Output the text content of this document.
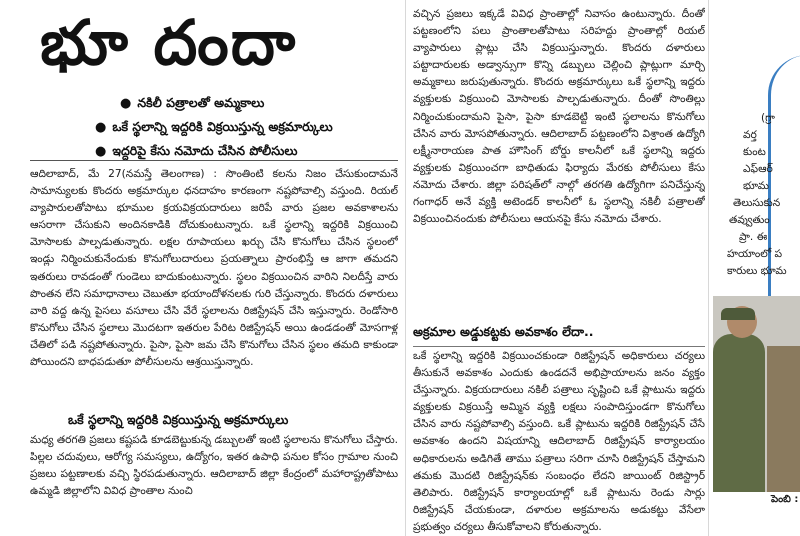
భూ దందా
● నకిలీ పత్రాలతో అమ్మకాలు
● ఒకే స్థలాన్ని ఇద్దరికి విక్రయిస్తున్న అక్రమార్కులు
● ఇద్దరిపై కేసు నమోదు చేసిన పోలీసులు
ఆదిలాబాద్, మే 27(నమస్తే తెలంగాణ) : సొంతింటి కలను నిజం చేసుకుందామనే సామాన్యులకు కొందరు అక్రమార్కుల ధనదాహం కారణంగా నష్టపోవాల్సి వస్తుంది. రియల్ వ్యాపారులతోపాటు భూముల క్రయవిక్రయదారులు జరిపే వారు ప్రజల అవకాశాలను ఆసరాగా చేసుకుని అందినకాడికి దోచుకుంటున్నారు. ఒకే స్థలాన్ని ఇద్దరికి విక్రయించి మోసాలకు పాల్పడుతున్నారు. లక్షల రూపాయలు ఖర్చు చేసి కొనుగోలు చేసిన స్థలంలో ఇండ్లు నిర్మించుకునేందుకు కొనుగోలుదారులు ప్రయత్నాలు ప్రారంభిస్తే ఆ జాగా తమదని ఇతరులు రావడంతో గుండెలు బాదుకుంటున్నారు. స్థలం విక్రయించిన వారిని నిలదీస్తే వారు పొంతన లేని సమాధానాలు చెబుతూ భయాందోళనలకు గురి చేస్తున్నారు. కొందరు దళారులు వారి వద్ద ఉన్న పైసలు వసూలు చేసి వేరే స్థలాలను రిజిస్ట్రేషన్ చేసి ఇస్తున్నారు. రెండోసారి కొనుగోలు చేసిన స్థలాలు మొదటగా ఇతరుల పేరిట రిజిస్ట్రేషన్ అయి ఉండడంతో మోసగాళ్ల చేతిలో పడి నష్టపోతున్నారు. పైసా, పైసా జమ చేసి కొనుగోలు చేసిన స్థలం తమది కాకుండా పోయిందని బాధపడుతూ పోలీసులను ఆశ్రయిస్తున్నారు.
ఒకే స్థలాన్ని ఇద్దరికి విక్రయిస్తున్న అక్రమార్కులు
మధ్య తరగతి ప్రజలు కష్టపడి కూడబెట్టుకున్న డబ్బులతో ఇంటి స్థలాలను కొనుగోలు చేస్తారు. పిల్లల చదువులు, ఆరోగ్య సమస్యలు, ఉద్యోగం, ఇతర ఉపాధి పనుల కోసం గ్రామాల నుంచి ప్రజలు పట్టణాలకు వచ్చి స్థిరపడుతున్నారు. ఆదిలాబాద్ జిల్లా కేంద్రంలో మహారాష్ట్రతోపాటు ఉమ్మడి జిల్లాలోని వివిధ ప్రాంతాల నుంచి
వచ్చిన ప్రజలు ఇక్కడే వివిధ ప్రాంతాల్లో నివాసం ఉంటున్నారు. దీంతో పట్టణంలోని పలు ప్రాంతాలతోపాటు సరిహద్దు ప్రాంతాల్లో రియల్ వ్యాపారులు ప్లాట్లు చేసి విక్రయిస్తున్నారు. కొందరు దళారులు పట్టాదారులకు అడ్వాన్సుగా కొన్ని డబ్బులు చెల్లించి ప్లాట్లుగా మార్చి అమ్మకాలు జరుపుతున్నారు. కొందరు అక్రమార్కులు ఒకే స్థలాన్ని ఇద్దరు వ్యక్తులకు విక్రయించి మోసాలకు పాల్పడుతున్నారు. దీంతో సొంతిల్లు నిర్మించుకుందామని పైసా, పైసా కూడబెట్టి ఇంటి స్థలాలను కొనుగోలు చేసిన వారు మోసపోతున్నారు. ఆదిలాబాద్ పట్టణంలోని విశ్రాంత ఉద్యోగి లక్ష్మీనారాయణ పాత హౌసింగ్ బోర్డు కాలనీలో ఒకే స్థలాన్ని ఇద్దరు వ్యక్తులకు విక్రయించగా బాధితుడు ఫిర్యాదు మేరకు పోలీసులు కేసు నమోదు చేశారు. జిల్లా పరిషత్‌లో నాల్గో తరగతి ఉద్యోగిగా పనిచేస్తున్న గంగాధర్ అనే వ్యక్తి అటెండర్ కాలనీలో ఓ స్థలాన్ని నకిలీ పత్రాలతో విక్రయించినందుకు పోలీసులు ఆయనపై కేసు నమోదు చేశారు.
అక్రమాల అడ్డుకట్టకు అవకాశం లేదా..
ఒకే స్థలాన్ని ఇద్దరికి విక్రయించకుండా రిజిస్ట్రేషన్ అధికారులు చర్యలు తీసుకునే అవకాశం ఎందుకు ఉండదనే అభిప్రాయాలను జనం వ్యక్తం చేస్తున్నారు. విక్రయదారులు నకిలీ పత్రాలు సృష్టించి ఒకే ప్లాటును ఇద్దరు వ్యక్తులకు విక్రయిస్తే అమ్మిన వ్యక్తి లక్షలు సంపాదిస్తుండగా కొనుగోలు చేసిన వారు నష్టపోవాల్సి వస్తుంది. ఒకే ప్లాటును ఇద్దరికి రిజిస్ట్రేషన్ చేసే అవకాశం ఉందని విషయాన్ని ఆదిలాబాద్ రిజిస్ట్రేషన్ కార్యాలయం అధికారులను అడిగితే తాము పత్రాలు సరిగా చూసి రిజిస్ట్రేషన్ చేస్తామని తమకు మొదటి రిజిస్ట్రేషన్‌కు సంబంధం లేదని జాయింట్ రిజిస్ట్రార్ తెలిపారు. రిజిస్ట్రేషన్ కార్యాలయాల్లో ఒకే ప్లాటును రెండు సార్లు రిజిస్ట్రేషన్ చేయకుండా, దళారుల అక్రమాలను అడుకట్టు వేసేలా ప్రభుత్వం చర్యలు తీసుకోవాలని కోరుతున్నారు.
(గ్రా
వర్త
కుంట
ఎఫ్ఆర్
భూమ
తెలుసుకున
తవ్వుతుం
ప్రా. ఈ
హయాంలో ప
కారులు భూమ
పెంబి :
